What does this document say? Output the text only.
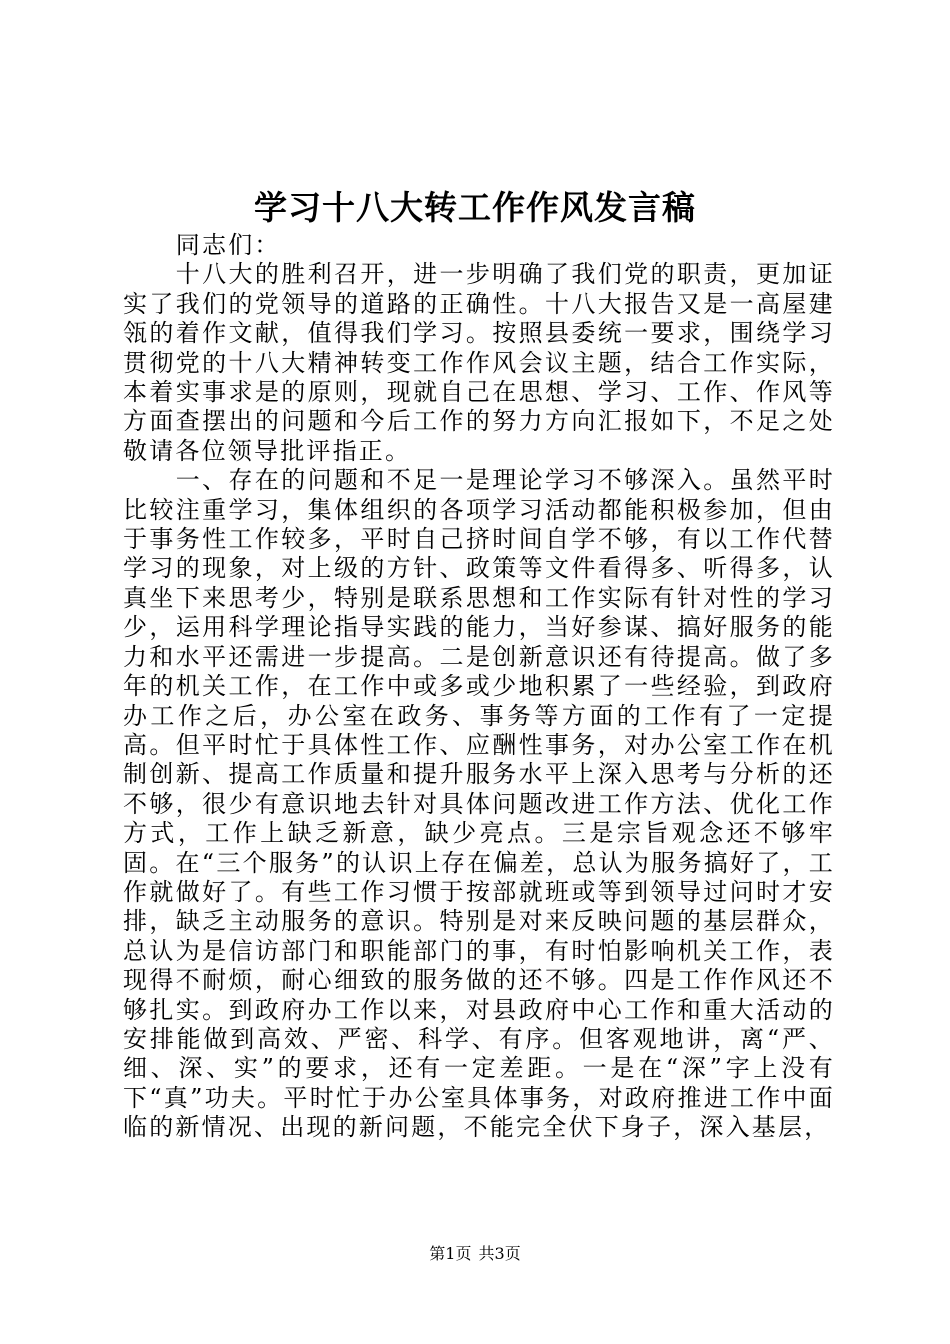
学习十八大转工作作风发言稿

同志们：

十八大的胜利召开，进一步明确了我们党的职责，更加证实了我们的党领导的道路的正确性。十八大报告又是一高屋建瓴的着作文献，值得我们学习。按照县委统一要求，围绕学习贯彻党的十八大精神转变工作作风会议主题，结合工作实际，本着实事求是的原则，现就自己在思想、学习、工作、作风等方面查摆出的问题和今后工作的努力方向汇报如下，不足之处敬请各位领导批评指正。

一、存在的问题和不足一是理论学习不够深入。虽然平时比较注重学习，集体组织的各项学习活动都能积极参加，但由于事务性工作较多，平时自己挤时间自学不够，有以工作代替学习的现象，对上级的方针、政策等文件看得多、听得多，认真坐下来思考少，特别是联系思想和工作实际有针对性的学习少，运用科学理论指导实践的能力，当好参谋、搞好服务的能力和水平还需进一步提高。二是创新意识还有待提高。做了多年的机关工作，在工作中或多或少地积累了一些经验，到政府办工作之后，办公室在政务、事务等方面的工作有了一定提高。但平时忙于具体性工作、应酬性事务，对办公室工作在机制创新、提高工作质量和提升服务水平上深入思考与分析的还不够，很少有意识地去针对具体问题改进工作方法、优化工作方式，工作上缺乏新意，缺少亮点。三是宗旨观念还不够牢固。在“三个服务”的认识上存在偏差，总认为服务搞好了，工作就做好了。有些工作习惯于按部就班或等到领导过问时才安排，缺乏主动服务的意识。特别是对来反映问题的基层群众，总认为是信访部门和职能部门的事，有时怕影响机关工作，表现得不耐烦，耐心细致的服务做的还不够。四是工作作风还不够扎实。到政府办工作以来，对县政府中心工作和重大活动的安排能做到高效、严密、科学、有序。但客观地讲，离“严、细、深、实”的要求，还有一定差距。一是在“深”字上没有下“真”功夫。平时忙于办公室具体事务，对政府推进工作中面临的新情况、出现的新问题，不能完全伏下身子，深入基层，

第1页 共3页
